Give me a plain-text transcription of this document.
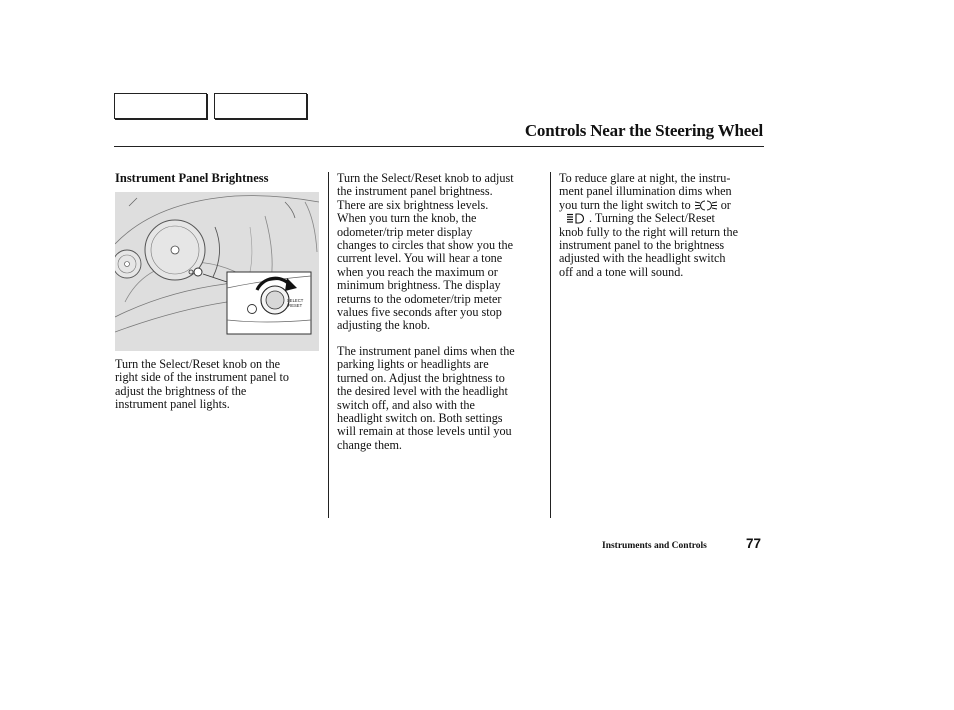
Controls Near the Steering Wheel
Instrument Panel Brightness
SELECT
/RESET
Turn the Select/Reset knob on the
right side of the instrument panel to
adjust the brightness of the
instrument panel lights.
Turn the Select/Reset knob to adjust
the instrument panel brightness.
There are six brightness levels.
When you turn the knob, the
odometer/trip meter display
changes to circles that show you the
current level. You will hear a tone
when you reach the maximum or
minimum brightness. The display
returns to the odometer/trip meter
values five seconds after you stop
adjusting the knob.
The instrument panel dims when the
parking lights or headlights are
turned on. Adjust the brightness to
the desired level with the headlight
switch off, and also with the
headlight switch on. Both settings
will remain at those levels until you
change them.
To reduce glare at night, the instru-
ment panel illumination dims when
you turn the light switch to or
. Turning the Select/Reset
knob fully to the right will return the
instrument panel to the brightness
adjusted with the headlight switch
off and a tone will sound.
Instruments and Controls	77
